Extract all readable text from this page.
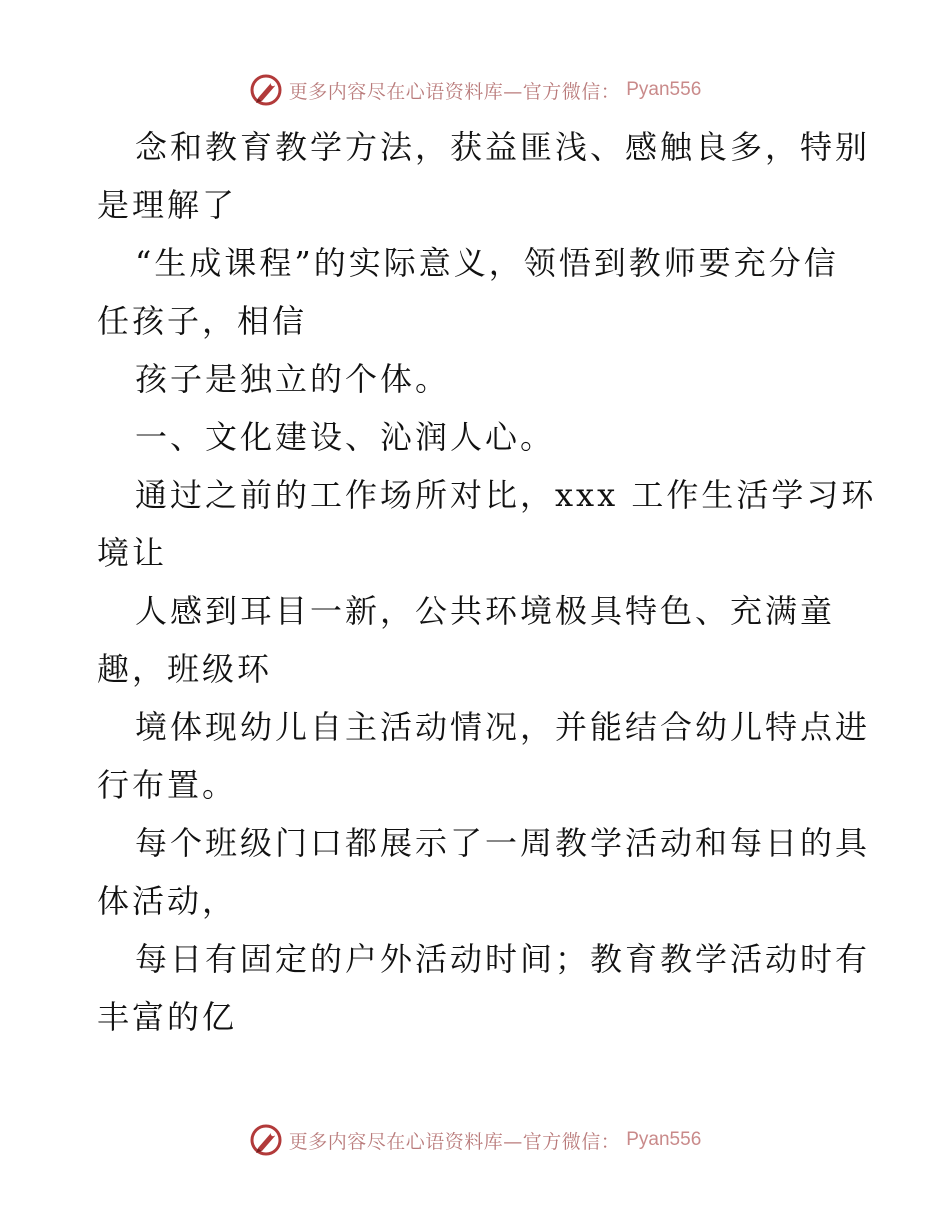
更多内容尽在心语资料库—官方微信： Pyan556
念和教育教学方法，获益匪浅、感触良多，特别
是理解了
“生成课程”的实际意义，领悟到教师要充分信
任孩子，相信
孩子是独立的个体。
一、文化建设、沁润人心。
通过之前的工作场所对比，xxx 工作生活学习环
境让
人感到耳目一新，公共环境极具特色、充满童
趣，班级环
境体现幼儿自主活动情况，并能结合幼儿特点进
行布置。
每个班级门口都展示了一周教学活动和每日的具
体活动，
每日有固定的户外活动时间；教育教学活动时有
丰富的亿
更多内容尽在心语资料库—官方微信： Pyan556
